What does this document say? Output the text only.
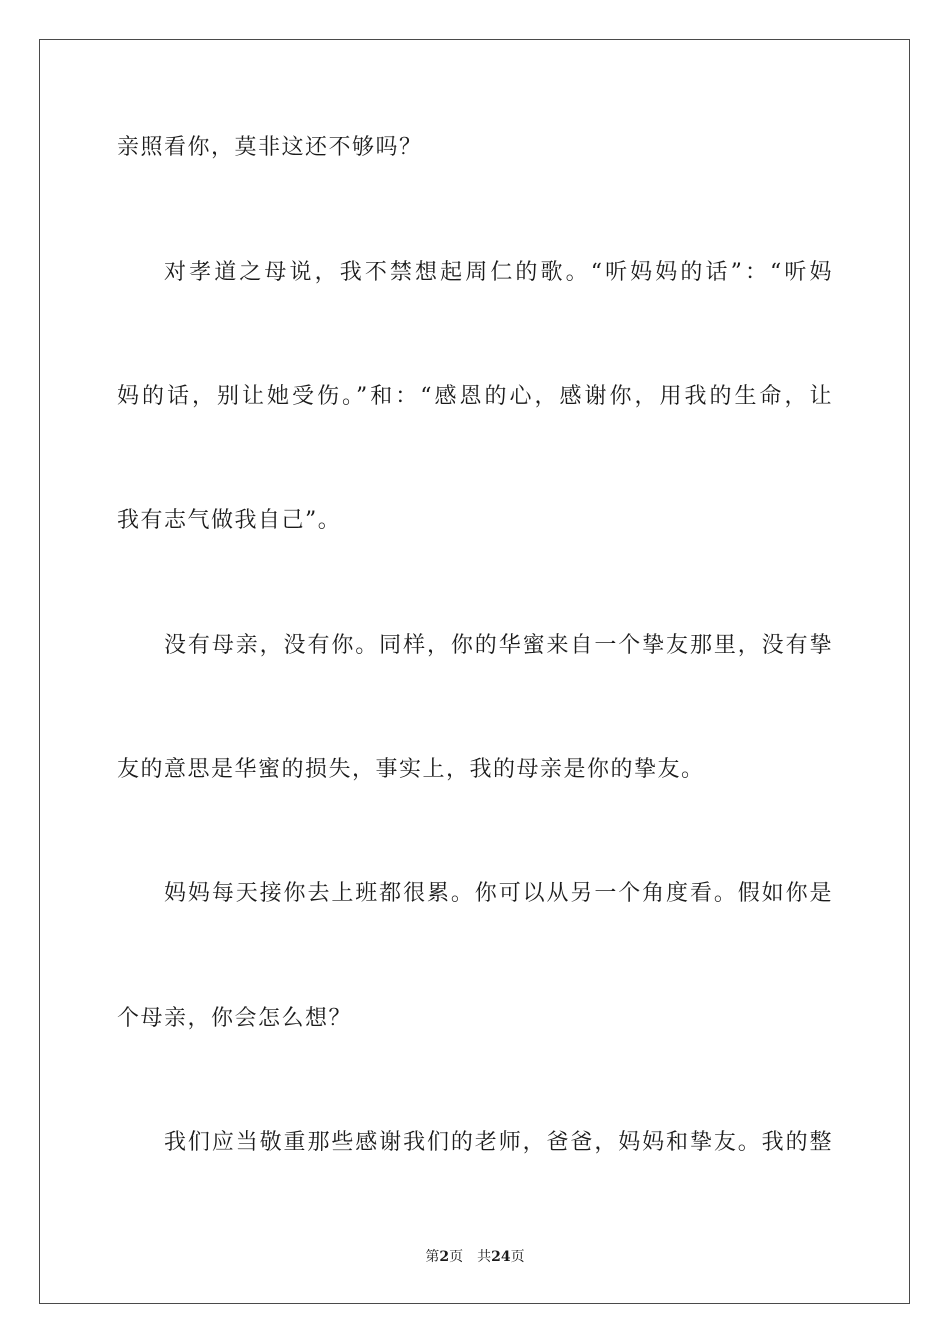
亲照看你，莫非这还不够吗？
对孝道之母说，我不禁想起周仁的歌。“听妈妈的话”：“听妈
妈的话，别让她受伤。”和：“感恩的心，感谢你，用我的生命，让
我有志气做我自己”。
没有母亲，没有你。同样，你的华蜜来自一个挚友那里，没有挚
友的意思是华蜜的损失，事实上，我的母亲是你的挚友。
妈妈每天接你去上班都很累。你可以从另一个角度看。假如你是
个母亲，你会怎么想？
我们应当敬重那些感谢我们的老师，爸爸，妈妈和挚友。我的整
第2页 共24页
